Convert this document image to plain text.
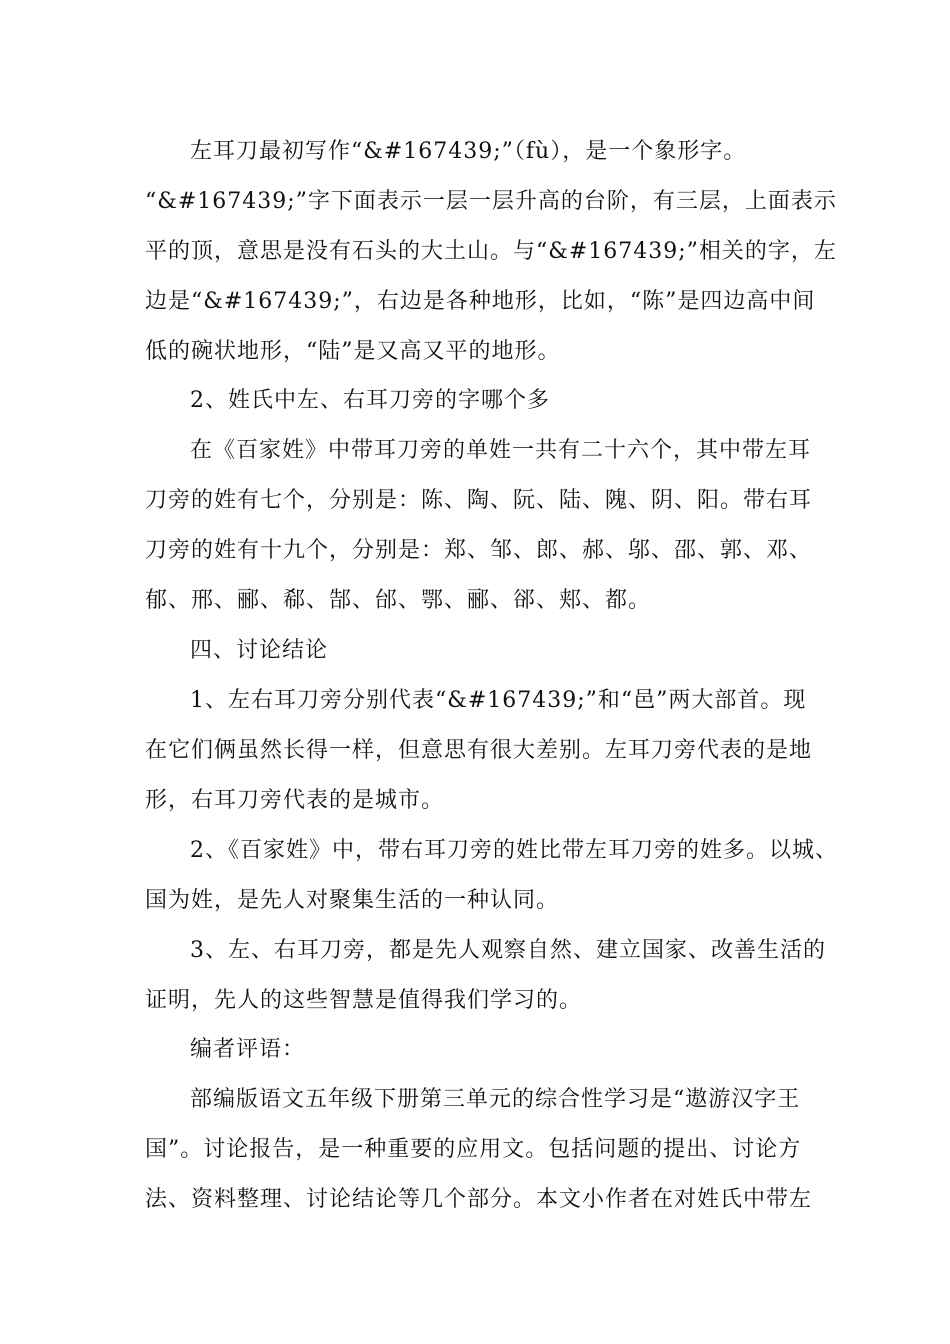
左耳刀最初写作“&#167439;”（fù），是一个象形字。
“&#167439;”字下面表示一层一层升高的台阶，有三层，上面表示
平的顶，意思是没有石头的大土山。与“&#167439;”相关的字，左
边是“&#167439;”，右边是各种地形，比如，“陈”是四边高中间
低的碗状地形，“陆”是又高又平的地形。
2、姓氏中左、右耳刀旁的字哪个多
在《百家姓》中带耳刀旁的单姓一共有二十六个，其中带左耳
刀旁的姓有七个，分别是：陈、陶、阮、陆、隗、阴、阳。带右耳
刀旁的姓有十九个，分别是：郑、邹、郎、郝、邬、邵、郭、邓、
郁、邢、郦、郗、郜、邰、鄂、郦、郤、郏、都。
四、讨论结论
1、左右耳刀旁分别代表“&#167439;”和“邑”两大部首。现
在它们俩虽然长得一样，但意思有很大差别。左耳刀旁代表的是地
形，右耳刀旁代表的是城市。
2、《百家姓》中，带右耳刀旁的姓比带左耳刀旁的姓多。以城、
国为姓，是先人对聚集生活的一种认同。
3、左、右耳刀旁，都是先人观察自然、建立国家、改善生活的
证明，先人的这些智慧是值得我们学习的。
编者评语：
部编版语文五年级下册第三单元的综合性学习是“遨游汉字王
国”。讨论报告，是一种重要的应用文。包括问题的提出、讨论方
法、资料整理、讨论结论等几个部分。本文小作者在对姓氏中带左
